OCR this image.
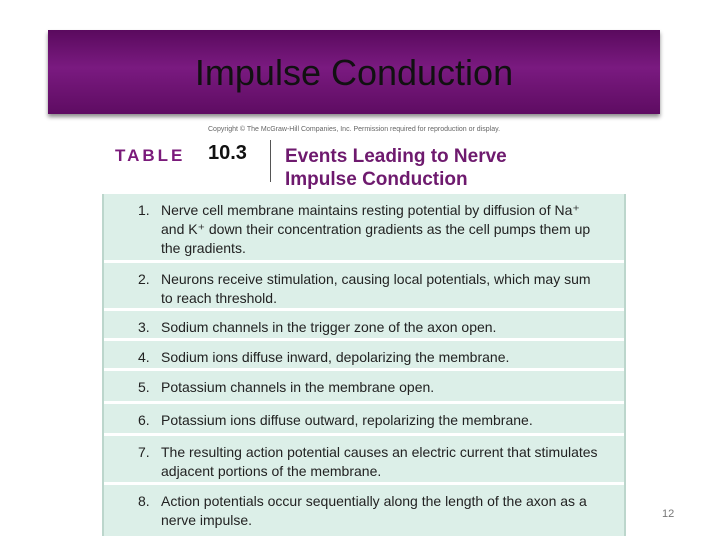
Impulse Conduction
Copyright © The McGraw-Hill Companies, Inc. Permission required for reproduction or display.
TABLE 10.3 Events Leading to Nerve
Impulse Conduction
1. Nerve cell membrane maintains resting potential by diffusion of Na⁺ and K⁺ down their concentration gradients as the cell pumps them up the gradients.
2. Neurons receive stimulation, causing local potentials, which may sum to reach threshold.
3. Sodium channels in the trigger zone of the axon open.
4. Sodium ions diffuse inward, depolarizing the membrane.
5. Potassium channels in the membrane open.
6. Potassium ions diffuse outward, repolarizing the membrane.
7. The resulting action potential causes an electric current that stimulates adjacent portions of the membrane.
8. Action potentials occur sequentially along the length of the axon as a nerve impulse.	12
